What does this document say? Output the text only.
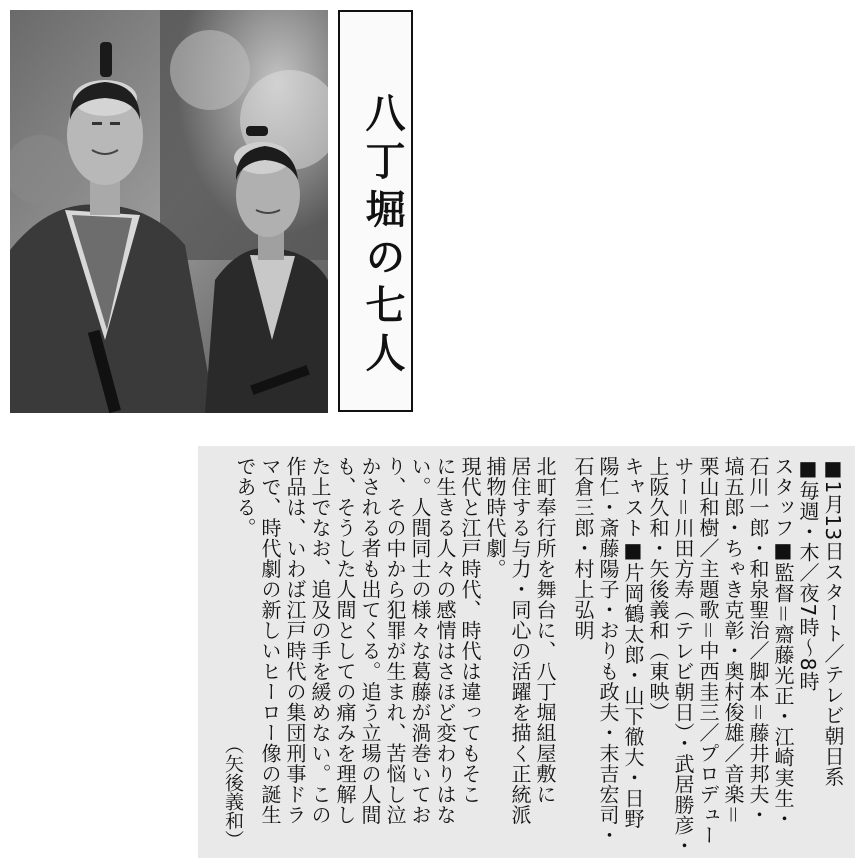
八丁堀の七人
■1月13日スタート／テレビ朝日系
■毎週・木／夜7時～8時
スタッフ■監督＝齋藤光正・江崎実生・
石川一郎・和泉聖治／脚本＝藤井邦夫・
塙五郎・ちゃき克彰・奥村俊雄／音楽＝
栗山和樹／主題歌＝中西圭三／プロデュー
サー＝川田方寿（テレビ朝日）・武居勝彦・
上阪久和・矢後義和（東映）
キャスト■片岡鶴太郎・山下徹大・日野
陽仁・斎藤陽子・おりも政夫・末吉宏司・
石倉三郎・村上弘明
北町奉行所を舞台に、八丁堀組屋敷に
居住する与力・同心の活躍を描く正統派
捕物時代劇。
現代と江戸時代、時代は違ってもそこ
に生きる人々の感情はさほど変わりはな
い。人間同士の様々な葛藤が渦巻いてお
り、その中から犯罪が生まれ、苦悩し泣
かされる者も出てくる。追う立場の人間
も、そうした人間としての痛みを理解し
た上でなお、追及の手を緩めない。この
作品は、いわば江戸時代の集団刑事ドラ
マで、時代劇の新しいヒーロー像の誕生
である。
（矢後義和）
